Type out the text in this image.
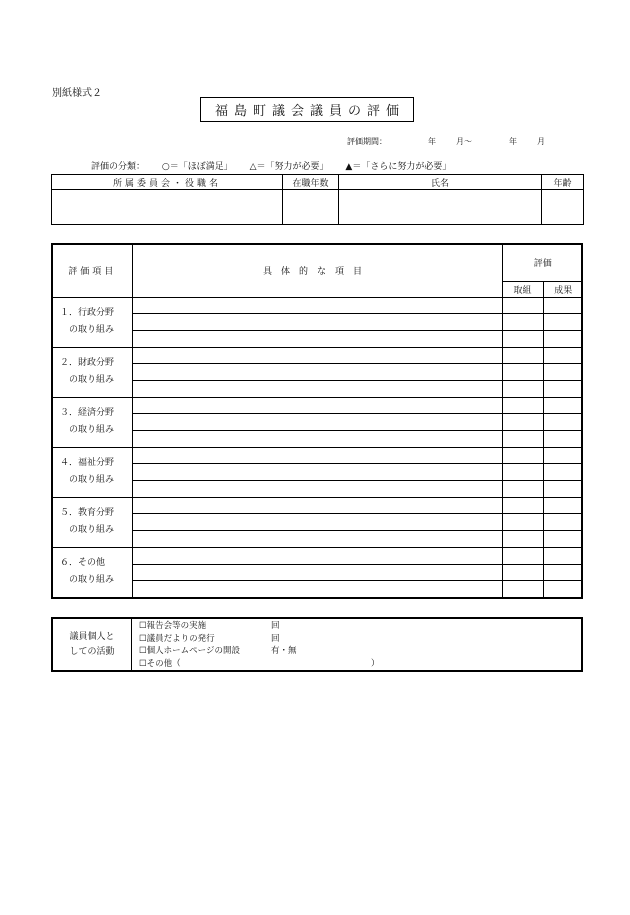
別紙様式２
福島町議会議員の評価
評価期間：	年	月～	年	月
評価の分類： ○＝「ほぼ満足」 △＝「努力が必要」 ▲＝「さらに努力が必要」
所属委員会・役職名	在職年数	氏名	年齢

評価項目	具体的な項目	評価	
		取組	成果

１．行政分野
の取り組み			

２．財政分野
の取り組み			

３．経済分野
の取り組み			

４．福祉分野
の取り組み			

５．教育分野
の取り組み			

６．その他
の取り組み			

議員個人と
しての活動
☐報告会等の実施	回
☐議員だよりの発行	回
☐個人ホームページの開設	有・無
☐その他（	）
